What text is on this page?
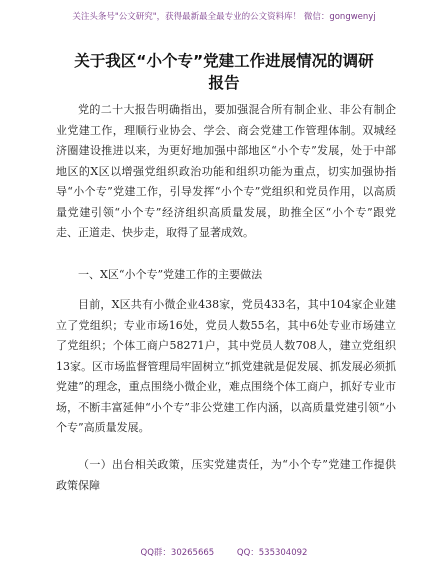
关注头条号"公文研究"，获得最新最全最专业的公文资料库！ 微信：gongwenyj
关于我区“小个专”党建工作进展情况的调研
报告
党的二十大报告明确指出，要加强混合所有制企业、非公有制企业党建工作，理顺行业协会、学会、商会党建工作管理体制。双城经济圈建设推进以来，为更好地加强中部地区“小个专”发展，处于中部地区的X区以增强党组织政治功能和组织功能为重点，切实加强协指导“小个专”党建工作，引导发挥“小个专”党组织和党员作用，以高质量党建引领“小个专”经济组织高质量发展，助推全区“小个专”跟党走、正道走、快步走，取得了显著成效。
一、X区“小个专”党建工作的主要做法
目前，X区共有小微企业438家，党员433名，其中104家企业建立了党组织；专业市场16处，党员人数55名，其中6处专业市场建立了党组织；个体工商户58271户，其中党员人数708人，建立党组织13家。区市场监督管理局牢固树立“抓党建就是促发展、抓发展必须抓党建”的理念，重点围绕小微企业，难点围绕个体工商户，抓好专业市场，不断丰富延伸“小个专”非公党建工作内涵，以高质量党建引领“小个专”高质量发展。
（一）出台相关政策，压实党建责任，为“小个专”党建工作提供政策保障
QQ群：30265665	QQ：535304092
